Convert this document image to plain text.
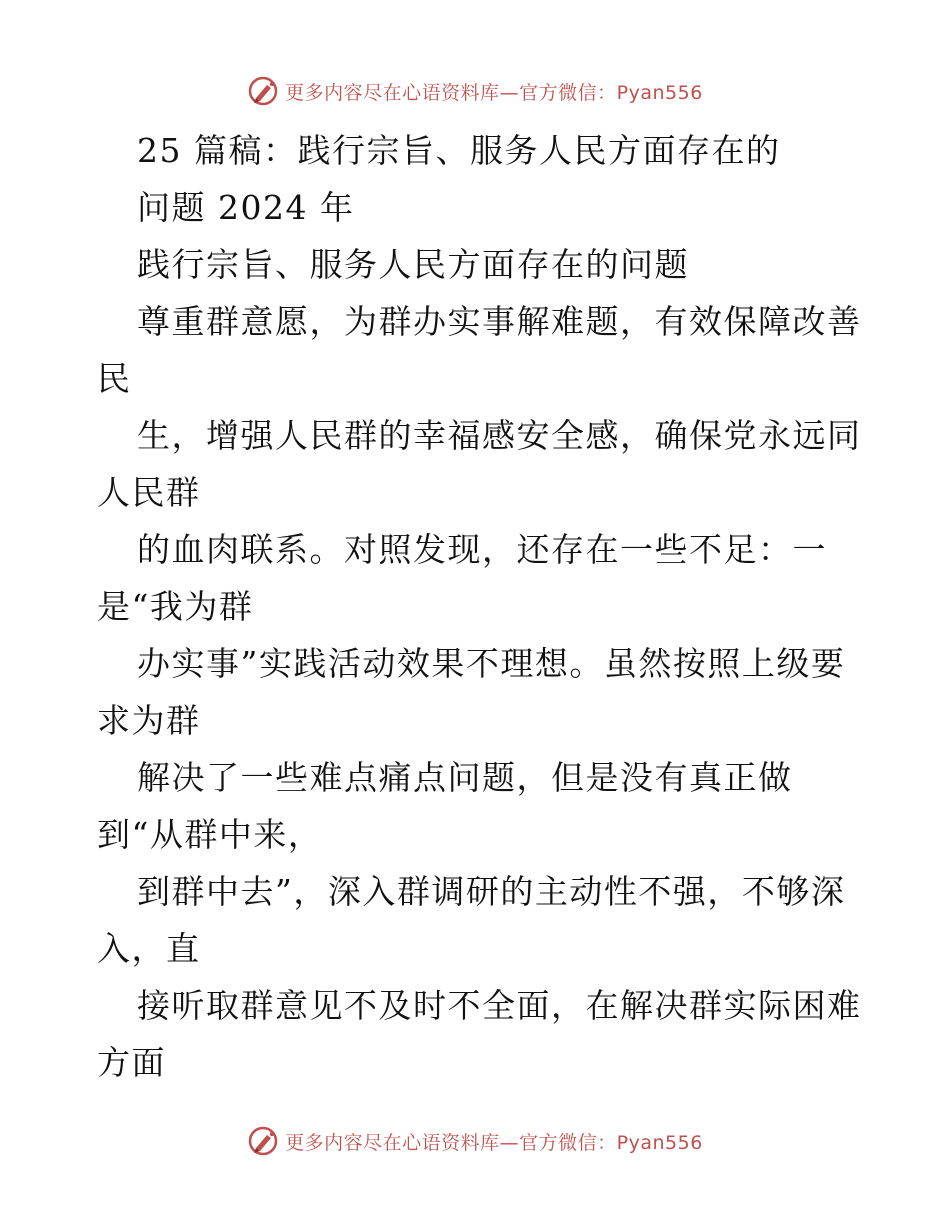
更多内容尽在心语资料库—官方微信：Pyan556
25 篇稿：践行宗旨、服务人民方面存在的
问题 2024 年
践行宗旨、服务人民方面存在的问题
尊重群意愿，为群办实事解难题，有效保障改善
民
生，增强人民群的幸福感安全感，确保党永远同
人民群
的血肉联系。对照发现，还存在一些不足：一
是“我为群
办实事”实践活动效果不理想。虽然按照上级要
求为群
解决了一些难点痛点问题，但是没有真正做
到“从群中来，
到群中去”，深入群调研的主动性不强，不够深
入，直
接听取群意见不及时不全面，在解决群实际困难
方面
更多内容尽在心语资料库—官方微信：Pyan556
